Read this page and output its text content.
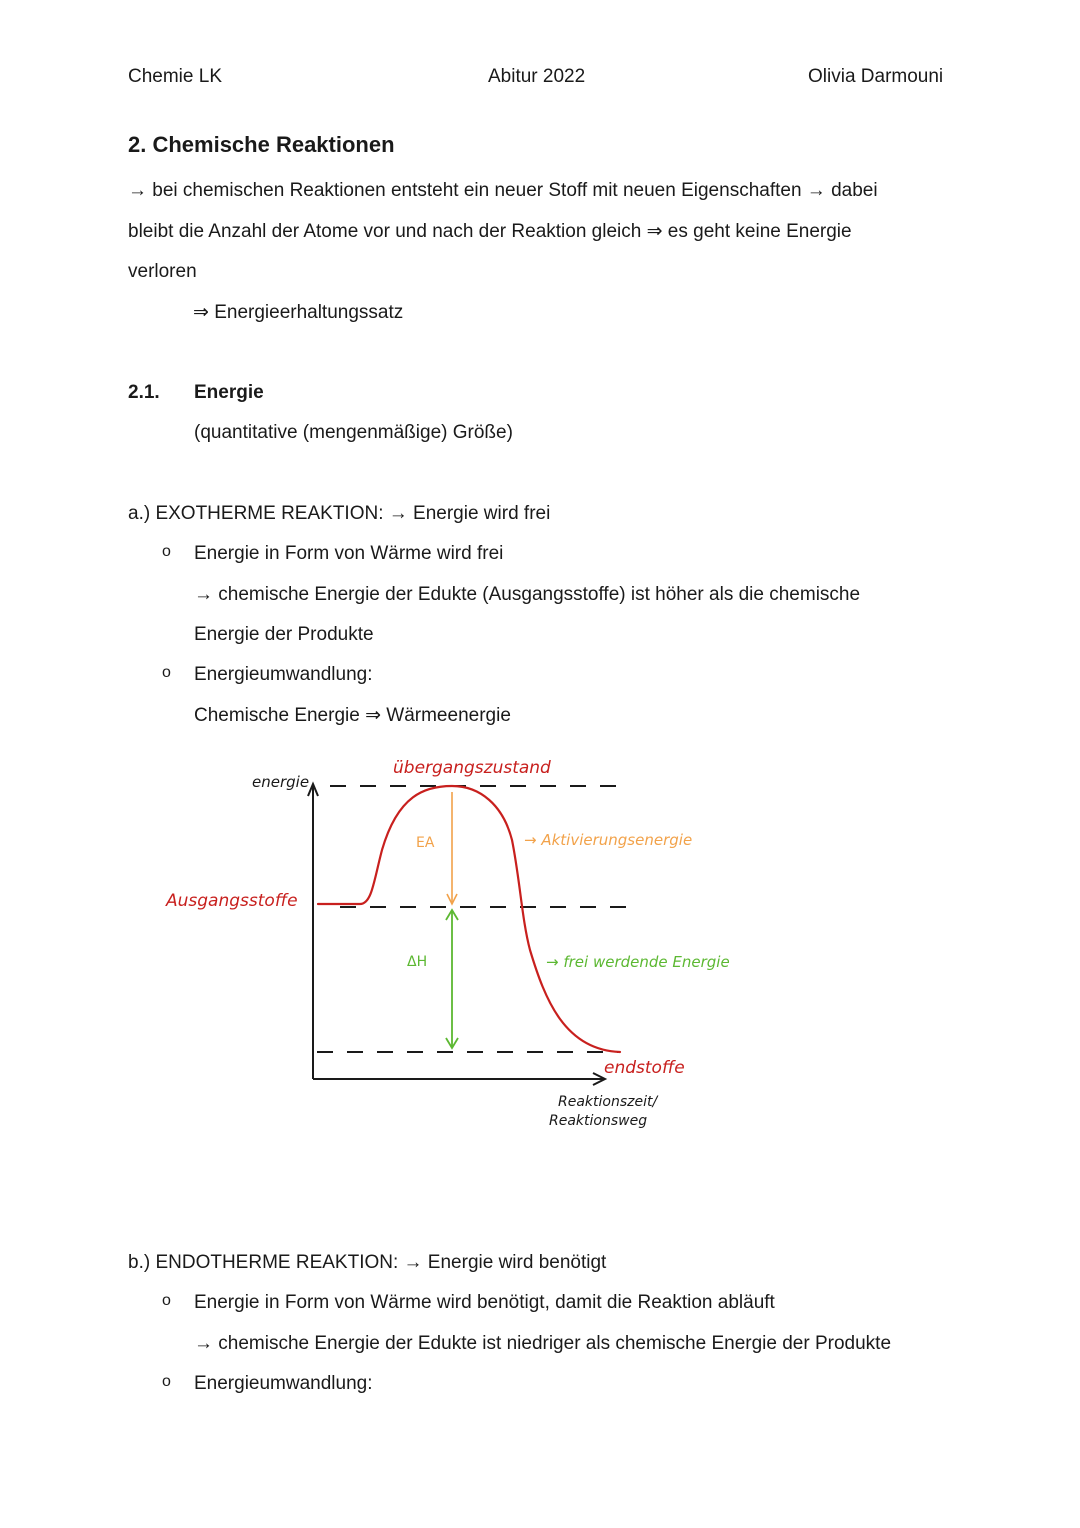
Chemie LK	Abitur 2022	Olivia Darmouni
2. Chemische Reaktionen
→ bei chemischen Reaktionen entsteht ein neuer Stoff mit neuen Eigenschaften → dabei
bleibt die Anzahl der Atome vor und nach der Reaktion gleich ⇒ es geht keine Energie
verloren
⇒ Energieerhaltungssatz
2.1. Energie
(quantitative (mengenmäßige) Größe)
a.) EXOTHERME REAKTION: → Energie wird frei
o Energie in Form von Wärme wird frei
→ chemische Energie der Edukte (Ausgangsstoffe) ist höher als die chemische
Energie der Produkte
o Energieumwandlung:
Chemische Energie ⇒ Wärmeenergie
energie
übergangszustand
Ausgangsstoffe
EA	→ Aktivierungsenergie
ΔH	→ frei werdende Energie
endstoffe
Reaktionszeit/
Reaktionsweg
b.) ENDOTHERME REAKTION: → Energie wird benötigt
o Energie in Form von Wärme wird benötigt, damit die Reaktion abläuft
→ chemische Energie der Edukte ist niedriger als chemische Energie der Produkte
o Energieumwandlung:
